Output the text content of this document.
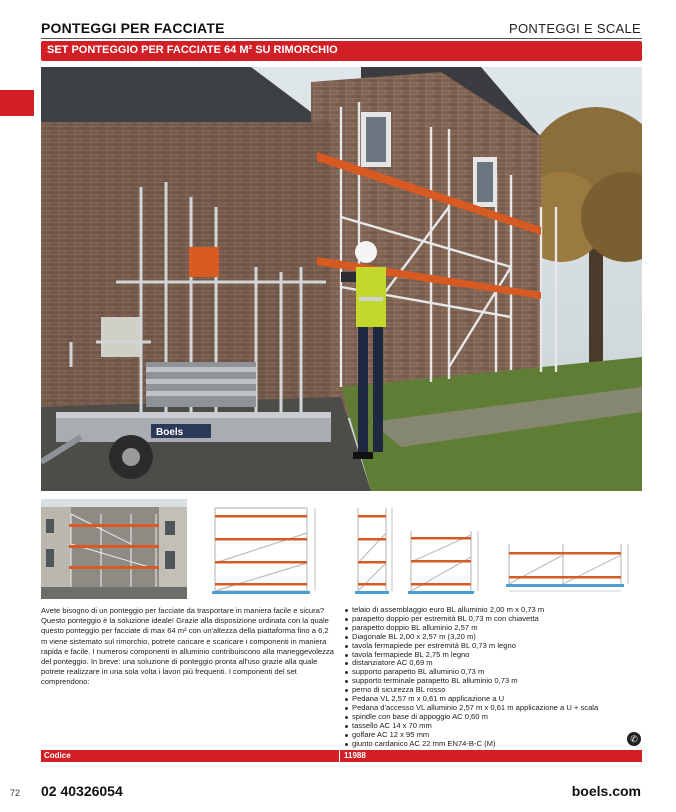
PONTEGGI PER FACCIATE	PONTEGGI E SCALE
SET PONTEGGIO PER FACCIATE 64 M² SU RIMORCHIO
Boels
Avete bisogno di un ponteggio per facciate da trasportare in maniera facile e sicura? Questo ponteggio è la soluzione ideale! Grazie alla disposizione ordinata con la quale questo ponteggio per facciate di max 64 m² con un'altezza della piattaforma fino a 6,2 m viene sistemato sul rimorchio, potrete caricare e scaricare i componenti in maniera rapida e facile. I numerosi componenti in alluminio contribuiscono alla maneggevolezza del ponteggio. In breve: una soluzione di ponteggio pronta all'uso grazie alla quale potrete realizzare in una sola volta i lavori più frequenti. I componenti del set comprendono:
telaio di assemblaggio euro BL alluminio 2,00 m x 0,73 m
parapetto doppio per estremità BL 0,73 m con chiavetta
parapetto doppio BL alluminio 2,57 m
Diagonale BL 2,00 x 2,57 m (3,20 m)
tavola fermapiede per estremità BL 0,73 m legno
tavola fermapiede BL 2,75 m legno
distanziatore AC 0,69 m
supporto parapetto BL alluminio 0,73 m
supporto terminale parapetto BL alluminio 0,73 m
perno di sicurezza BL rosso
Pedana VL 2,57 m x 0,61 m applicazione a U
Pedana d'accesso VL alluminio 2,57 m x 0,61 m applicazione a U + scala
spindle con base di appoggio AC 0,60 m
tassello AC 14 x 70 mm
golfare AC 12 x 95 mm
giunto cardanico AC 22 mm EN74-B-C (M)	✆
Codice	11988
72 02 40326054	boels.com
